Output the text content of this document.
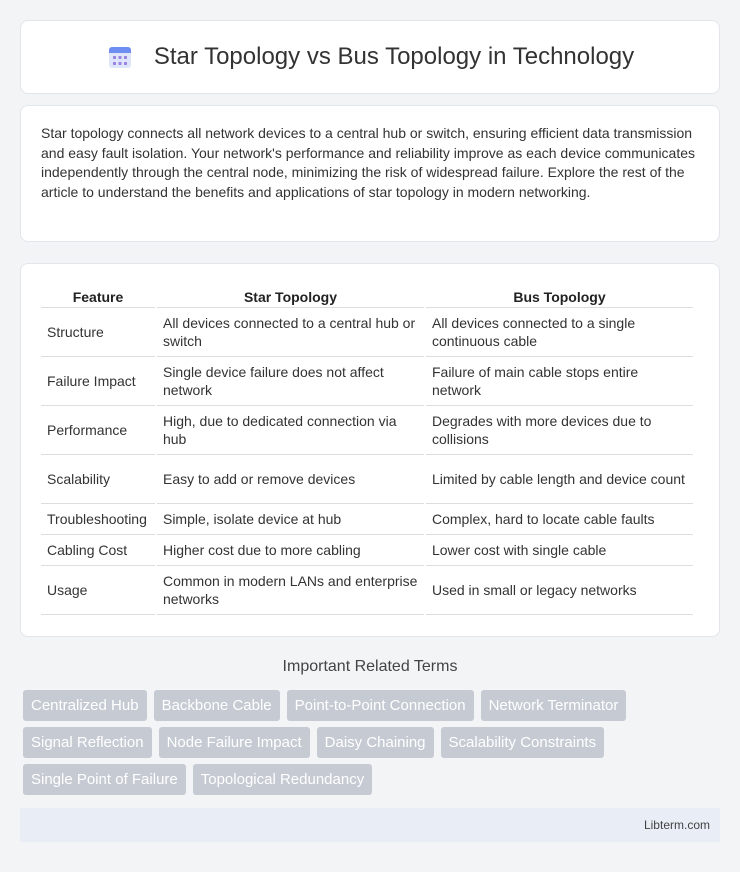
Star Topology vs Bus Topology in Technology

Star topology connects all network devices to a central hub or switch, ensuring efficient data transmission and easy fault isolation. Your network's performance and reliability improve as each device communicates independently through the central node, minimizing the risk of widespread failure. Explore the rest of the article to understand the benefits and applications of star topology in modern networking.

Feature	Star Topology	Bus Topology
Structure	All devices connected to a central hub or switch	All devices connected to a single continuous cable
Failure Impact	Single device failure does not affect network	Failure of main cable stops entire network
Performance	High, due to dedicated connection via hub	Degrades with more devices due to collisions
Scalability	Easy to add or remove devices	Limited by cable length and device count
Troubleshooting	Simple, isolate device at hub	Complex, hard to locate cable faults
Cabling Cost	Higher cost due to more cabling	Lower cost with single cable
Usage	Common in modern LANs and enterprise networks	Used in small or legacy networks
Important Related Terms
Centralized Hub	Backbone Cable	Point-to-Point Connection	Network Terminator
Signal Reflection	Node Failure Impact	Daisy Chaining	Scalability Constraints
Single Point of Failure	Topological Redundancy
Libterm.com
